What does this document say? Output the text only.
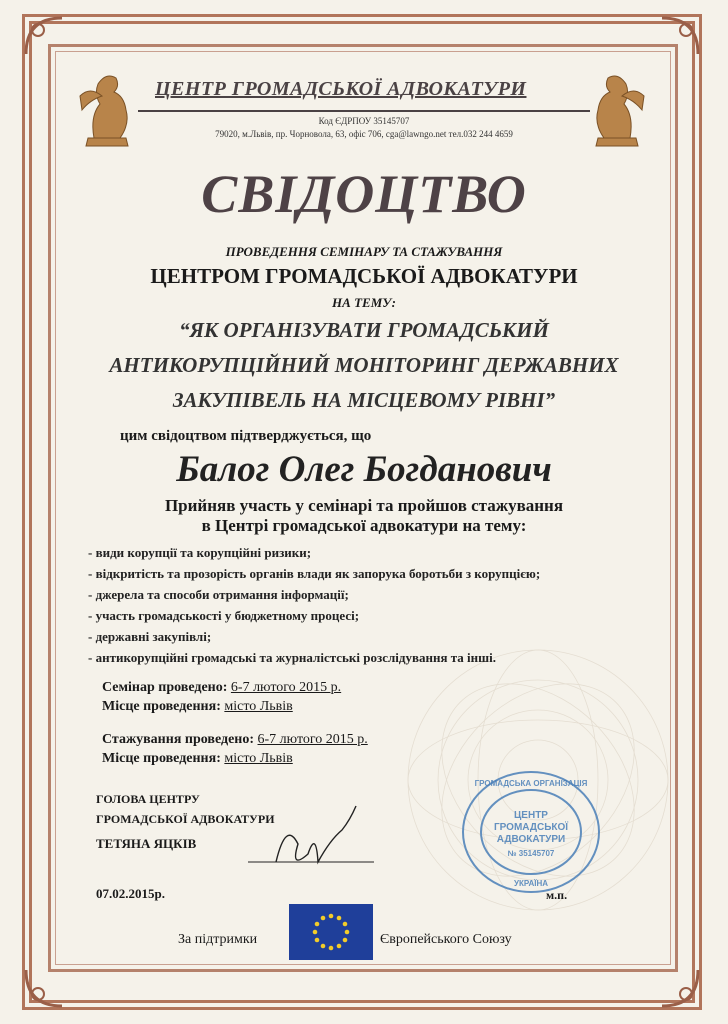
ЦЕНТР ГРОМАДСЬКОЇ АДВОКАТУРИ
Код ЄДРПОУ 35145707
79020, м.Львів, пр. Чорновола, 63, офіс 706, cga@lawngo.net тел.032 244 4659
СВІДОЦТВО
ПРОВЕДЕННЯ СЕМІНАРУ ТА СТАЖУВАННЯ
ЦЕНТРОМ ГРОМАДСЬКОЇ АДВОКАТУРИ
НА ТЕМУ:
“ЯК ОРГАНІЗУВАТИ ГРОМАДСЬКИЙ
АНТИКОРУПЦІЙНИЙ МОНІТОРИНГ ДЕРЖАВНИХ
ЗАКУПІВЕЛЬ НА МІСЦЕВОМУ РІВНІ”
цим свідоцтвом підтверджується, що
Балог Олег Богданович
Прийняв участь у семінарі та пройшов стажування
в Центрі громадської адвокатури на тему:
- види корупції та корупційні ризики;
- відкритість та прозорість органів влади як запорука боротьби з корупцією;
- джерела та способи отримання інформації;
- участь громадськості у бюджетному процесі;
- державні закупівлі;
- антикорупційні громадські та журналістські розслідування та інші.
Семінар проведено: 6-7 лютого 2015 р.
Місце проведення: місто Львів
Стажування проведено: 6-7 лютого 2015 р.
Місце проведення: місто Львів
ГОЛОВА ЦЕНТРУ
ГРОМАДСЬКОЇ АДВОКАТУРИ
ТЕТЯНА ЯЦКІВ
ГРОМАДСЬКА ОРГАНІЗАЦІЯ
ЦЕНТР
ГРОМАДСЬКОЇ
АДВОКАТУРИ
№ 35145707
УКРАЇНА
07.02.2015р.	м.п.
За підтримки	Європейського Союзу
